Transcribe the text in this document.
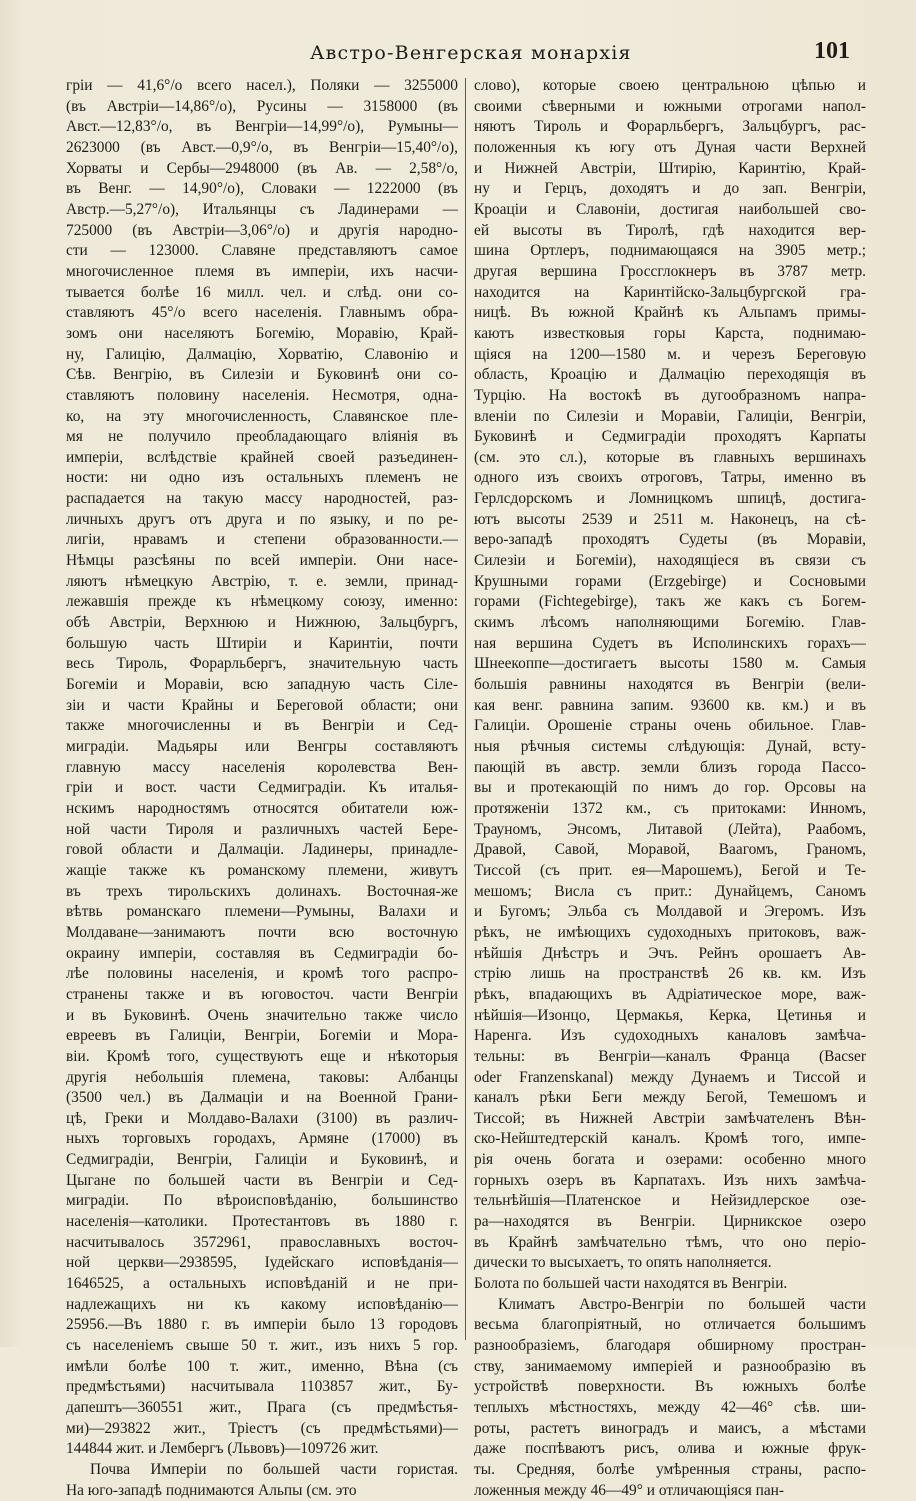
Австро-Венгерская монархія	101
гріи — 41,6°/o всего насел.), Поляки — 3255000
(въ Австріи—14,86°/o), Русины — 3158000 (въ
Авст.—12,83°/o, въ Венгріи—14,99°/o), Румыны—
2623000 (въ Авст.—0,9°/o, въ Венгріи—15,40°/o),
Хорваты и Сербы—2948000 (въ Ав. — 2,58°/o,
въ Венг. — 14,90°/o), Словаки — 1222000 (въ
Австр.—5,27°/o), Итальянцы съ Ладинерами —
725000 (въ Австріи—3,06°/o) и другія народно-
сти — 123000. Славяне представляютъ самое
многочисленное племя въ имперіи, ихъ насчи-
тывается болѣе 16 милл. чел. и слѣд. они со-
ставляютъ 45°/o всего населенія. Главнымъ обра-
зомъ они населяютъ Богемію, Моравію, Край-
ну, Галицію, Далмацію, Хорватію, Славонію и
Сѣв. Венгрію, въ Силезіи и Буковинѣ они со-
ставляютъ половину населенія. Несмотря, одна-
ко, на эту многочисленность, Славянское пле-
мя не получило преобладающаго вліянія въ
имперіи, вслѣдствіе крайней своей разъединен-
ности: ни одно изъ остальныхъ племенъ не
распадается на такую массу народностей, раз-
личныхъ другъ отъ друга и по языку, и по ре-
лигіи, нравамъ и степени образованности.—
Нѣмцы разсѣяны по всей имперіи. Они насе-
ляютъ нѣмецкую Австрію, т. е. земли, принад-
лежавшія прежде къ нѣмецкому союзу, именно:
обѣ Австріи, Верхнюю и Нижнюю, Зальцбургъ,
большую часть Штиріи и Каринтіи, почти
весь Тироль, Форарльбергъ, значительную часть
Богеміи и Моравіи, всю западную часть Сіле-
зіи и части Крайны и Береговой области; они
также многочисленны и въ Венгріи и Сед-
миградіи. Мадьяры или Венгры составляютъ
главную массу населенія королевства Вен-
гріи и вост. части Седмиградіи. Къ италья-
нскимъ народностямъ относятся обитатели юж-
ной части Тироля и различныхъ частей Бере-
говой области и Далмаціи. Ладинеры, принадле-
жащіе также къ романскому племени, живутъ
въ трехъ тирольскихъ долинахъ. Восточная-же
вѣтвь романскаго племени—Румыны, Валахи и
Молдаване—занимаютъ почти всю восточную
окраину имперіи, составляя въ Седмиградіи бо-
лѣе половины населенія, и кромѣ того распро-
странены также и въ юговосточ. части Венгріи
и въ Буковинѣ. Очень значительно также число
евреевъ въ Галиціи, Венгріи, Богеміи и Мора-
віи. Кромѣ того, существуютъ еще и нѣкоторыя
другія небольшія племена, таковы: Албанцы
(3500 чел.) въ Далмаціи и на Военной Грани-
цѣ, Греки и Молдаво-Валахи (3100) въ различ-
ныхъ торговыхъ городахъ, Армяне (17000) въ
Седмиградіи, Венгріи, Галиціи и Буковинѣ, и
Цыгане по большей части въ Венгріи и Сед-
миградіи. По вѣроисповѣданію, большинство
населенія—католики. Протестантовъ въ 1880 г.
насчитывалось 3572961, православныхъ восточ-
ной церкви—2938595, Іудейскаго исповѣданія—
1646525, а остальныхъ исповѣданій и не при-
надлежащихъ ни къ какому исповѣданію—
25956.—Въ 1880 г. въ имперіи было 13 городовъ
съ населеніемъ свыше 50 т. жит., изъ нихъ 5 гор.
имѣли болѣе 100 т. жит., именно, Вѣна (съ
предмѣстьями) насчитывала 1103857 жит., Бу-
дапештъ—360551 жит., Прага (съ предмѣстья-
ми)—293822 жит., Тріестъ (съ предмѣстьями)—
144844 жит. и Лембергъ (Львовъ)—109726 жит.
Почва Имперіи по большей части гористая.
На юго-западѣ поднимаются Альпы (см. это
слово), которые своею центральною цѣпью и
своими сѣверными и южными отрогами напол-
няютъ Тироль и Форарльбергъ, Зальцбургъ, рас-
положенныя къ югу отъ Дуная части Верхней
и Нижней Австріи, Штирію, Каринтію, Край-
ну и Герцъ, доходятъ и до зап. Венгріи,
Кроаціи и Славоніи, достигая наибольшей сво-
ей высоты въ Тиролѣ, гдѣ находится вер-
шина Ортлеръ, поднимающаяся на 3905 метр.;
другая вершина Гроссглокнеръ въ 3787 метр.
находится на Каринтійско-Зальцбургской гра-
ницѣ. Въ южной Крайнѣ къ Альпамъ примы-
каютъ известковыя горы Карста, поднимаю-
щіяся на 1200—1580 м. и черезъ Береговую
область, Кроацію и Далмацію переходящія въ
Турцію. На востокѣ въ дугообразномъ напра-
вленіи по Силезіи и Моравіи, Галиціи, Венгріи,
Буковинѣ и Седмиградіи проходятъ Карпаты
(см. это сл.), которые въ главныхъ вершинахъ
одного изъ своихъ отроговъ, Татры, именно въ
Герлсдорскомъ и Ломницкомъ шпицѣ, достига-
ютъ высоты 2539 и 2511 м. Наконецъ, на сѣ-
веро-западѣ проходятъ Судеты (въ Моравіи,
Силезіи и Богеміи), находящіеся въ связи съ
Крушными горами (Erzgebirge) и Сосновыми
горами (Fichtegebirge), такъ же какъ съ Богем-
скимъ лѣсомъ наполняющими Богемію. Глав-
ная вершина Судетъ въ Исполинскихъ горахъ—
Шнеекоппе—достигаетъ высоты 1580 м. Самыя
большія равнины находятся въ Венгріи (вели-
кая венг. равнина запим. 93600 кв. км.) и въ
Галиціи. Орошеніе страны очень обильное. Глав-
ныя рѣчныя системы слѣдующія: Дунай, всту-
пающій въ австр. земли близъ города Пассо-
вы и протекающій по нимъ до гор. Орсовы на
протяженіи 1372 км., съ притоками: Инномъ,
Трауномъ, Энсомъ, Литавой (Лейта), Раабомъ,
Дравой, Савой, Моравой, Ваагомъ, Граномъ,
Тиссой (съ прит. ея—Марошемъ), Бегой и Те-
мешомъ; Висла съ прит.: Дунайцемъ, Саномъ
и Бугомъ; Эльба съ Молдавой и Эгеромъ. Изъ
рѣкъ, не имѣющихъ судоходныхъ притоковъ, важ-
нѣйшія Днѣстръ и Эчъ. Рейнъ орошаетъ Ав-
стрію лишь на пространствѣ 26 кв. км. Изъ
рѣкъ, впадающихъ въ Адріатическое море, важ-
нѣйшія—Изонцо, Цермакья, Керка, Цетинья и
Наренга. Изъ судоходныхъ каналовъ замѣча-
тельны: въ Венгріи—каналъ Франца (Bacser
oder Franzenskanal) между Дунаемъ и Тиссой и
каналъ рѣки Беги между Бегой, Темешомъ и
Тиссой; въ Нижней Австріи замѣчателенъ Вѣн-
ско-Нейштедтерскій каналъ. Кромѣ того, импе-
рія очень богата и озерами: особенно много
горныхъ озеръ въ Карпатахъ. Изъ нихъ замѣча-
тельнѣйшія—Платенское и Нейзидлерское озе-
ра—находятся въ Венгріи. Цирникское озеро
въ Крайнѣ замѣчательно тѣмъ, что оно періо-
дически то высыхаетъ, то опять наполняется.
Болота по большей части находятся въ Венгріи.
Климатъ Австро-Венгріи по большей части
весьма благопріятный, но отличается большимъ
разнообразіемъ, благодаря обширному простран-
ству, занимаемому имперіей и разнообразію въ
устройствѣ поверхности. Въ южныхъ болѣе
теплыхъ мѣстностяхъ, между 42—46° сѣв. ши-
роты, растетъ виноградъ и маисъ, а мѣстами
даже поспѣваютъ рисъ, олива и южные фрук-
ты. Средняя, болѣе умѣренныя страны, распо-
ложенныя между 46—49° и отличающіяся пан-
